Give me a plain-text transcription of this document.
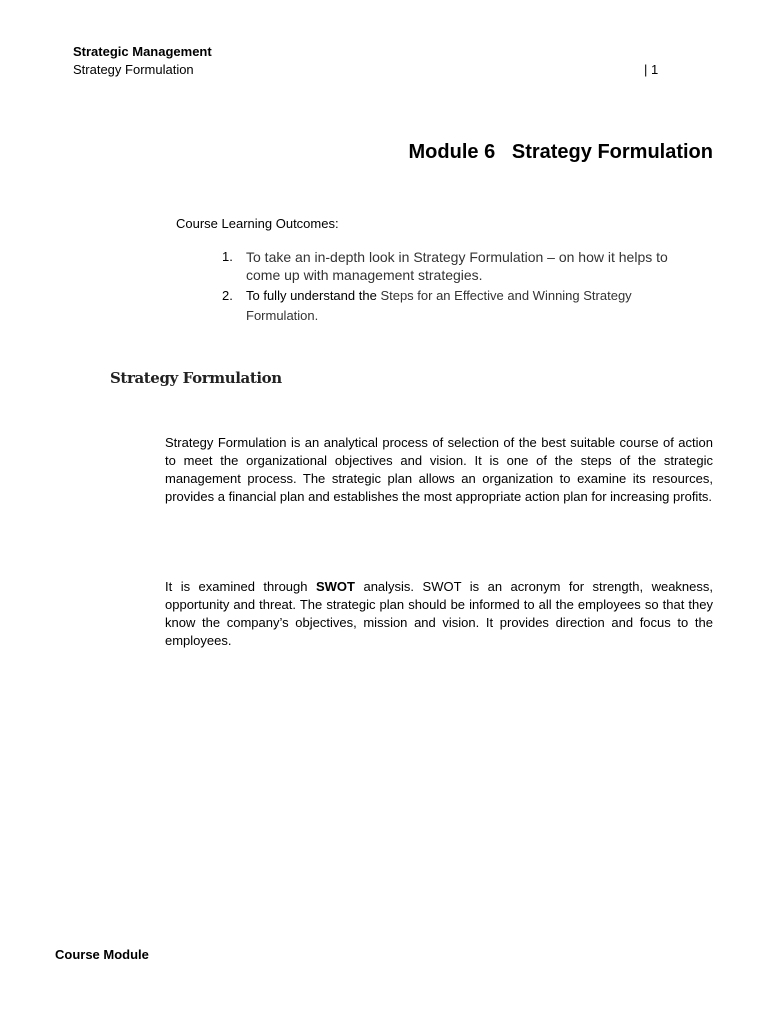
Strategic Management
Strategy Formulation	| 1
Module 6   Strategy Formulation
Course Learning Outcomes:
1. To take an in-depth look in Strategy Formulation – on how it helps to come up with management strategies.
2. To fully understand the Steps for an Effective and Winning Strategy Formulation.
Strategy Formulation

Strategy Formulation is an analytical process of selection of the best suitable course of action to meet the organizational objectives and vision. It is one of the steps of the strategic management process. The strategic plan allows an organization to examine its resources, provides a financial plan and establishes the most appropriate action plan for increasing profits.

It is examined through SWOT analysis. SWOT is an acronym for strength, weakness, opportunity and threat. The strategic plan should be informed to all the employees so that they know the company’s objectives, mission and vision. It provides direction and focus to the employees.

Course Module
